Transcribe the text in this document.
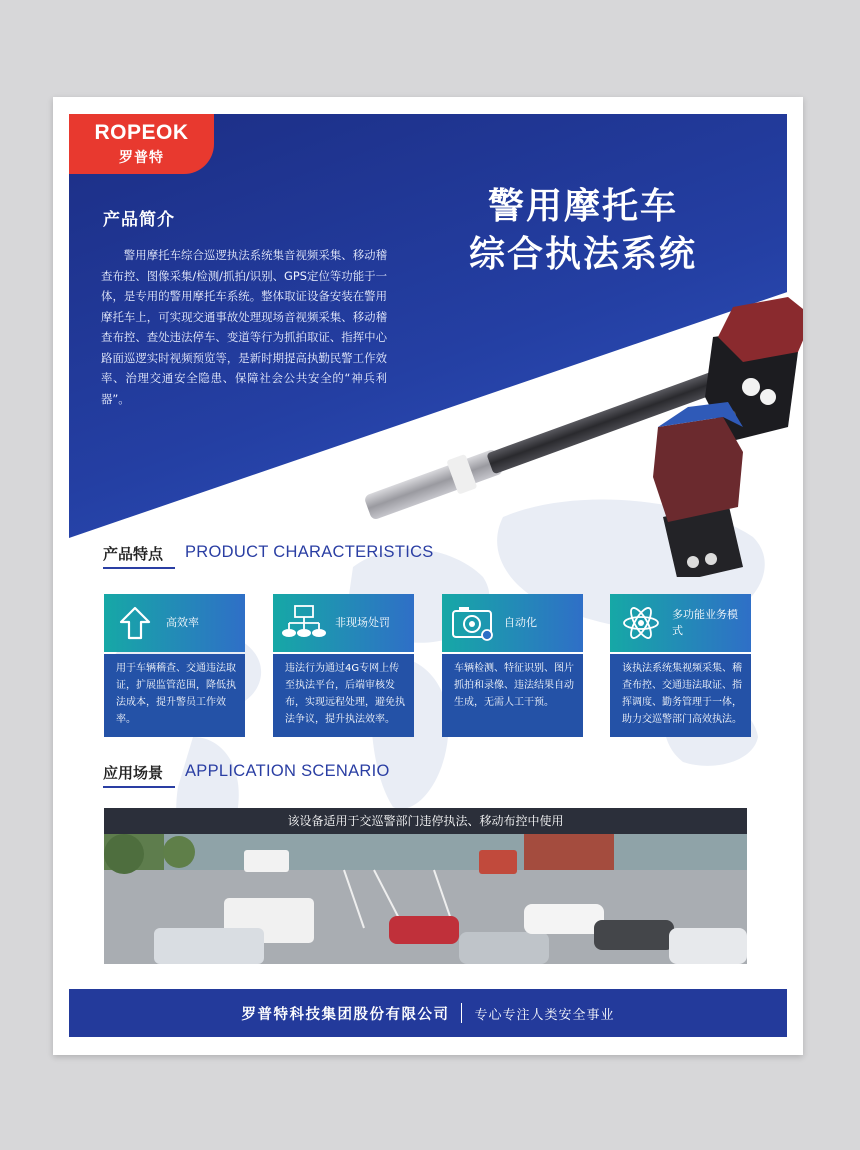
ROPEOK
罗普特
产品简介

警用摩托车综合巡逻执法系统集音视频采集、移动稽查布控、图像采集/检测/抓拍/识别、GPS定位等功能于一体，是专用的警用摩托车系统。整体取证设备安装在警用摩托车上，可实现交通事故处理现场音视频采集、移动稽查布控、查处违法停车、变道等行为抓拍取证、指挥中心路面巡逻实时视频预览等，是新时期提高执勤民警工作效率、治理交通安全隐患、保障社会公共安全的“神兵利器”。

警用摩托车
综合执法系统
产品特点 PRODUCT CHARACTERISTICS
高效率
用于车辆稽查、交通违法取证，扩展监管范围，降低执法成本，提升警员工作效率。
非现场处罚
违法行为通过4G专网上传至执法平台，后端审核发布，实现远程处理，避免执法争议，提升执法效率。
自动化
车辆检测、特征识别、图片抓拍和录像、违法结果自动生成，无需人工干预。
多功能业务模式
该执法系统集视频采集、稽查布控、交通违法取证、指挥调度、勤务管理于一体，助力交巡警部门高效执法。
应用场景 APPLICATION SCENARIO
该设备适用于交巡警部门违停执法、移动布控中使用
罗普特科技集团股份有限公司 专心专注人类安全事业
